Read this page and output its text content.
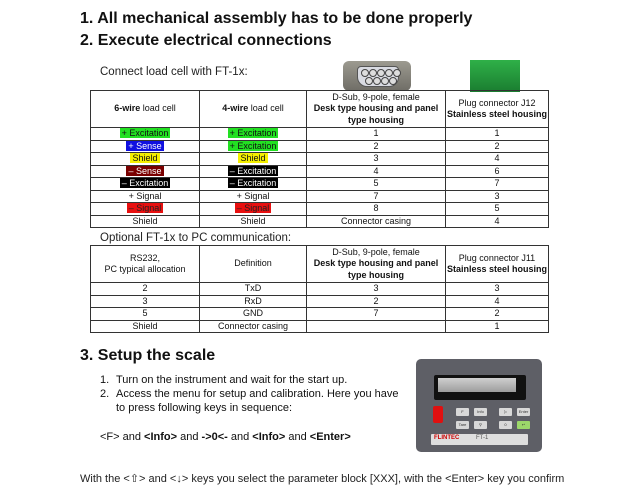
1. All mechanical assembly has to be done properly
2. Execute electrical connections
Connect load cell with FT-1x:
6-wire load cell	4-wire load cell	D-Sub, 9-pole, female
Desk type housing and panel type housing	Plug connector J12
Stainless steel housing
+ Excitation	+ Excitation	1	1
+ Sense	+ Excitation	2	2
Shield	Shield	3	4
– Sense	– Excitation	4	6
– Excitation	– Excitation	5	7
+ Signal	+ Signal	7	3
– Signal	– Signal	8	5
Shield	Shield	Connector casing	4
Optional FT-1x to PC communication:
RS232,
PC typical allocation	Definition	D-Sub, 9-pole, female
Desk type housing and panel type housing	Plug connector J11
Stainless steel housing
2	TxD	3	3
3	RxD	2	4
5	GND	7	2
Shield	Connector casing		1
3. Setup the scale
1. Turn on the instrument and wait for the start up.
2. Access the menu for setup and calibration. Here you have to press following keys in sequence:
<F> and <Info> and ->0<- and <Info> and <Enter>
F	Info	▷	Enter
Tare	⚲	0	↩
FLINTEC	FT-1
With the <⇧> and <↓> keys you select the parameter block [XXX], with the <Enter> key you confirm
